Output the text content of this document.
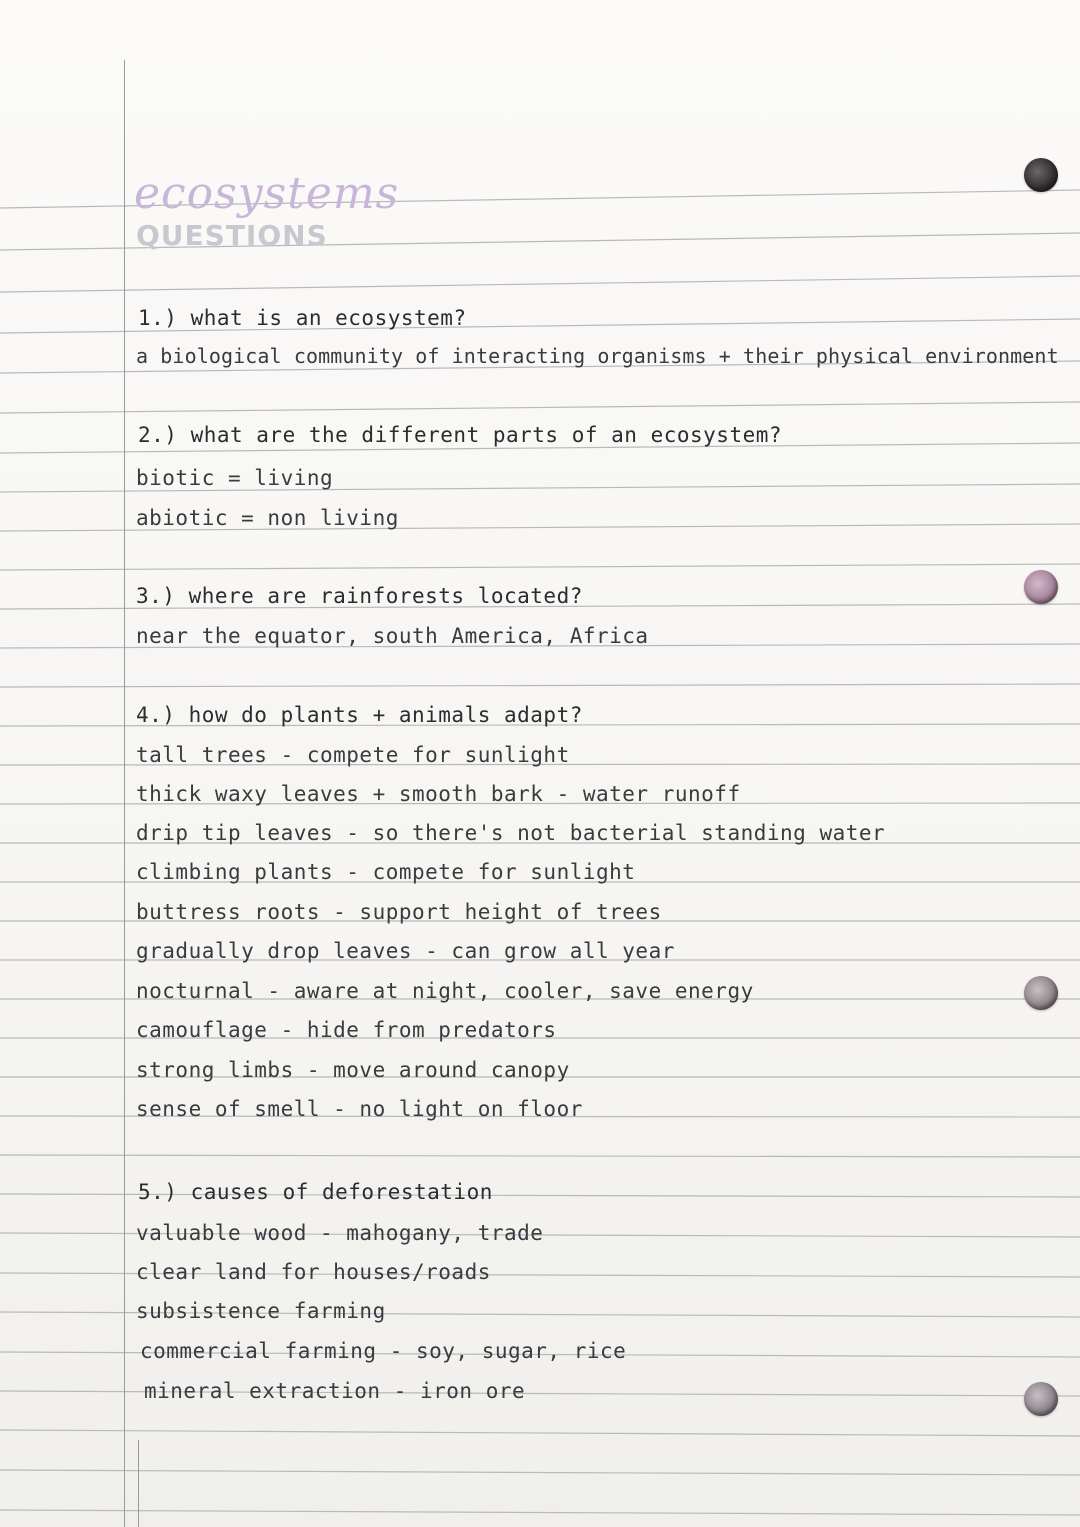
ecosystems
QUESTIONS
1.) what is an ecosystem?
a biological community of interacting organisms + their physical environment
2.) what are the different parts of an ecosystem?
biotic = living
abiotic = non living
3.) where are rainforests located?
near the equator, south America, Africa
4.) how do plants + animals adapt?
tall trees - compete for sunlight
thick waxy leaves + smooth bark - water runoff
drip tip leaves - so there's not bacterial standing water
climbing plants - compete for sunlight
buttress roots - support height of trees
gradually drop leaves - can grow all year
nocturnal - aware at night, cooler, save energy
camouflage - hide from predators
strong limbs - move around canopy
sense of smell - no light on floor
5.) causes of deforestation
valuable wood - mahogany, trade
clear land for houses/roads
subsistence farming
commercial farming - soy, sugar, rice
mineral extraction - iron ore
